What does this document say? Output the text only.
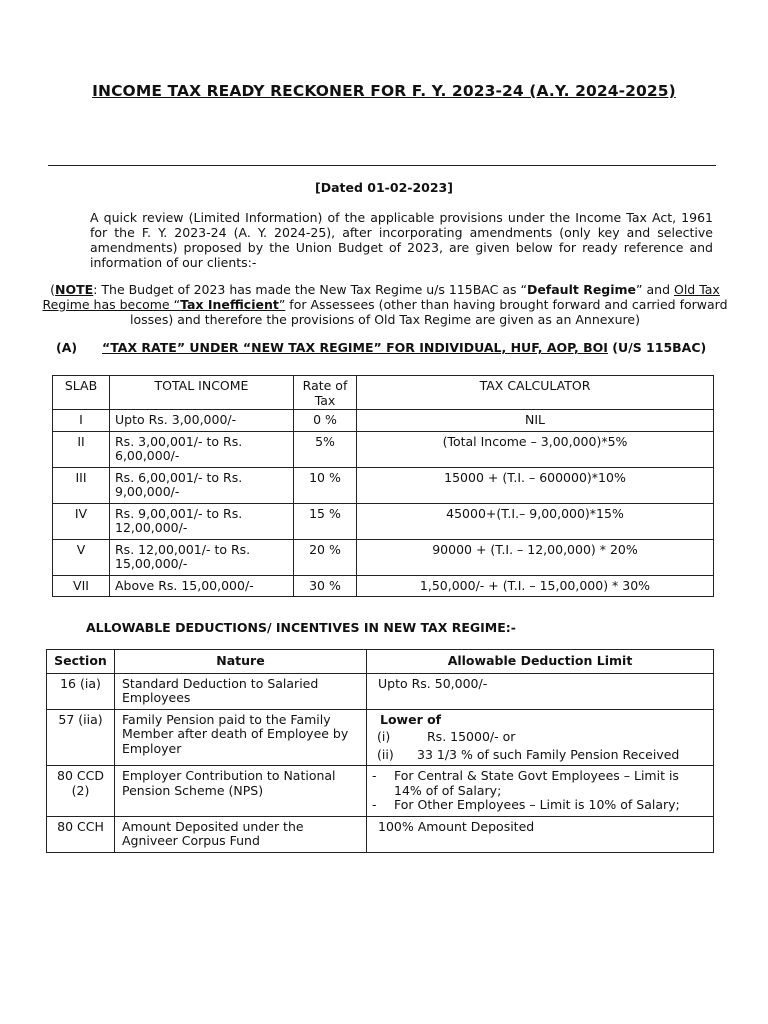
INCOME TAX READY RECKONER FOR F. Y. 2023-24 (A.Y. 2024-2025)
[Dated 01-02-2023]
A quick review (Limited Information) of the applicable provisions under the Income Tax Act, 1961 for the F. Y. 2023-24 (A. Y. 2024-25), after incorporating amendments (only key and selective amendments) proposed by the Union Budget of 2023, are given below for ready reference and information of our clients:-
(NOTE: The Budget of 2023 has made the New Tax Regime u/s 115BAC as “Default Regime” and Old Tax Regime has become “Tax Inefficient” for Assessees (other than having brought forward and carried forward losses) and therefore the provisions of Old Tax Regime are given as an Annexure)
(A) “TAX RATE” UNDER “NEW TAX REGIME” FOR INDIVIDUAL, HUF, AOP, BOI (U/S 115BAC)
SLAB	TOTAL INCOME	Rate of Tax	TAX CALCULATOR
I	Upto Rs. 3,00,000/-	0 %	NIL
II	Rs. 3,00,001/- to Rs. 6,00,000/-	5%	(Total Income – 3,00,000)*5%
III	Rs. 6,00,001/- to Rs. 9,00,000/-	10 %	15000 + (T.I. – 600000)*10%
IV	Rs. 9,00,001/- to Rs. 12,00,000/-	15 %	45000+(T.I.– 9,00,000)*15%
V	Rs. 12,00,001/- to Rs. 15,00,000/-	20 %	90000 + (T.I. – 12,00,000) * 20%
VII	Above Rs. 15,00,000/-	30 %	1,50,000/- + (T.I. – 15,00,000) * 30%
ALLOWABLE DEDUCTIONS/ INCENTIVES IN NEW TAX REGIME:-
Section	Nature	Allowable Deduction Limit
16 (ia)	Standard Deduction to Salaried Employees	Upto Rs. 50,000/-
57 (iia)	Family Pension paid to the Family Member after death of Employee by Employer	Lower of
(i) Rs. 15000/- or
(ii) 33 1/3 % of such Family Pension Received

80 CCD (2)	Employer Contribution to National Pension Scheme (NPS)	- For Central & State Govt Employees – Limit is 14% of of Salary;
- For Other Employees – Limit is 10% of Salary;

80 CCH	Amount Deposited under the Agniveer Corpus Fund	100% Amount Deposited
